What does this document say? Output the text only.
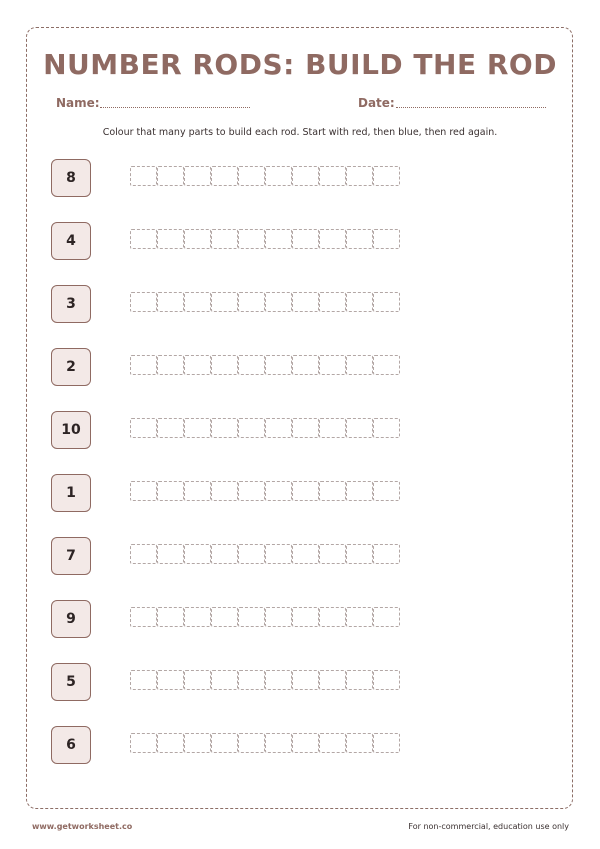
NUMBER RODS: BUILD THE ROD
Name:	Date:
Colour that many parts to build each rod. Start with red, then blue, then red again.
8
4
3
2
10
1
7
9
5
6
www.getworksheet.co	For non-commercial, education use only
